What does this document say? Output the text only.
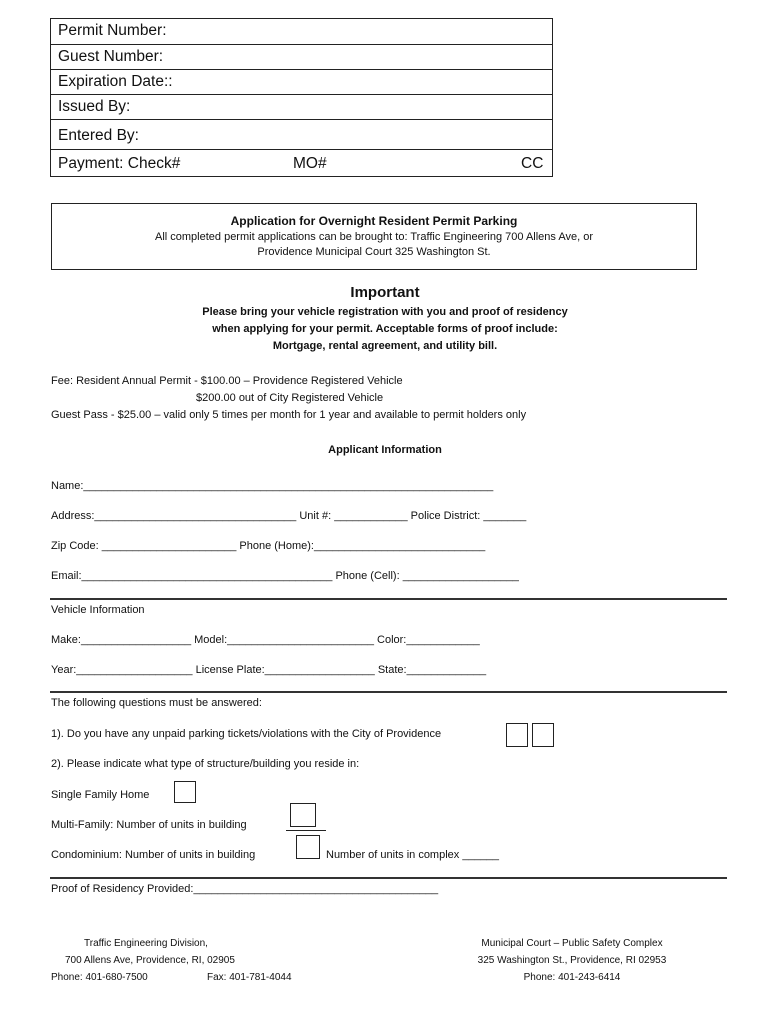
Permit Number:
Guest Number:
Expiration Date::
Issued By:
Entered By:
Payment: Check#	MO#	CC
Application for Overnight Resident Permit Parking
All completed permit applications can be brought to: Traffic Engineering 700 Allens Ave, or
Providence Municipal Court 325 Washington St.
Important
Please bring your vehicle registration with you and proof of residency
when applying for your permit. Acceptable forms of proof include:
Mortgage, rental agreement, and utility bill.
Fee: Resident Annual Permit - $100.00 – Providence Registered Vehicle
$200.00 out of City Registered Vehicle
Guest Pass - $25.00 – valid only 5 times per month for 1 year and available to permit holders only
Applicant Information
Name:___________________________________________________________________
Address:_________________________________ Unit #: ____________ Police District: _______
Zip Code: ______________________ Phone (Home):____________________________
Email:_________________________________________ Phone (Cell): ___________________
Vehicle Information
Make:__________________ Model:________________________ Color:____________
Year:___________________ License Plate:__________________ State:_____________
The following questions must be answered:
1). Do you have any unpaid parking tickets/violations with the City of Providence
2). Please indicate what type of structure/building you reside in:
Single Family Home
Multi-Family: Number of units in building
Condominium: Number of units in building	Number of units in complex ______
Proof of Residency Provided:________________________________________
Traffic Engineering Division,
700 Allens Ave, Providence, RI, 02905
Phone: 401-680-7500	Fax: 401-781-4044
Municipal Court – Public Safety Complex
325 Washington St., Providence, RI 02953
Phone: 401-243-6414
